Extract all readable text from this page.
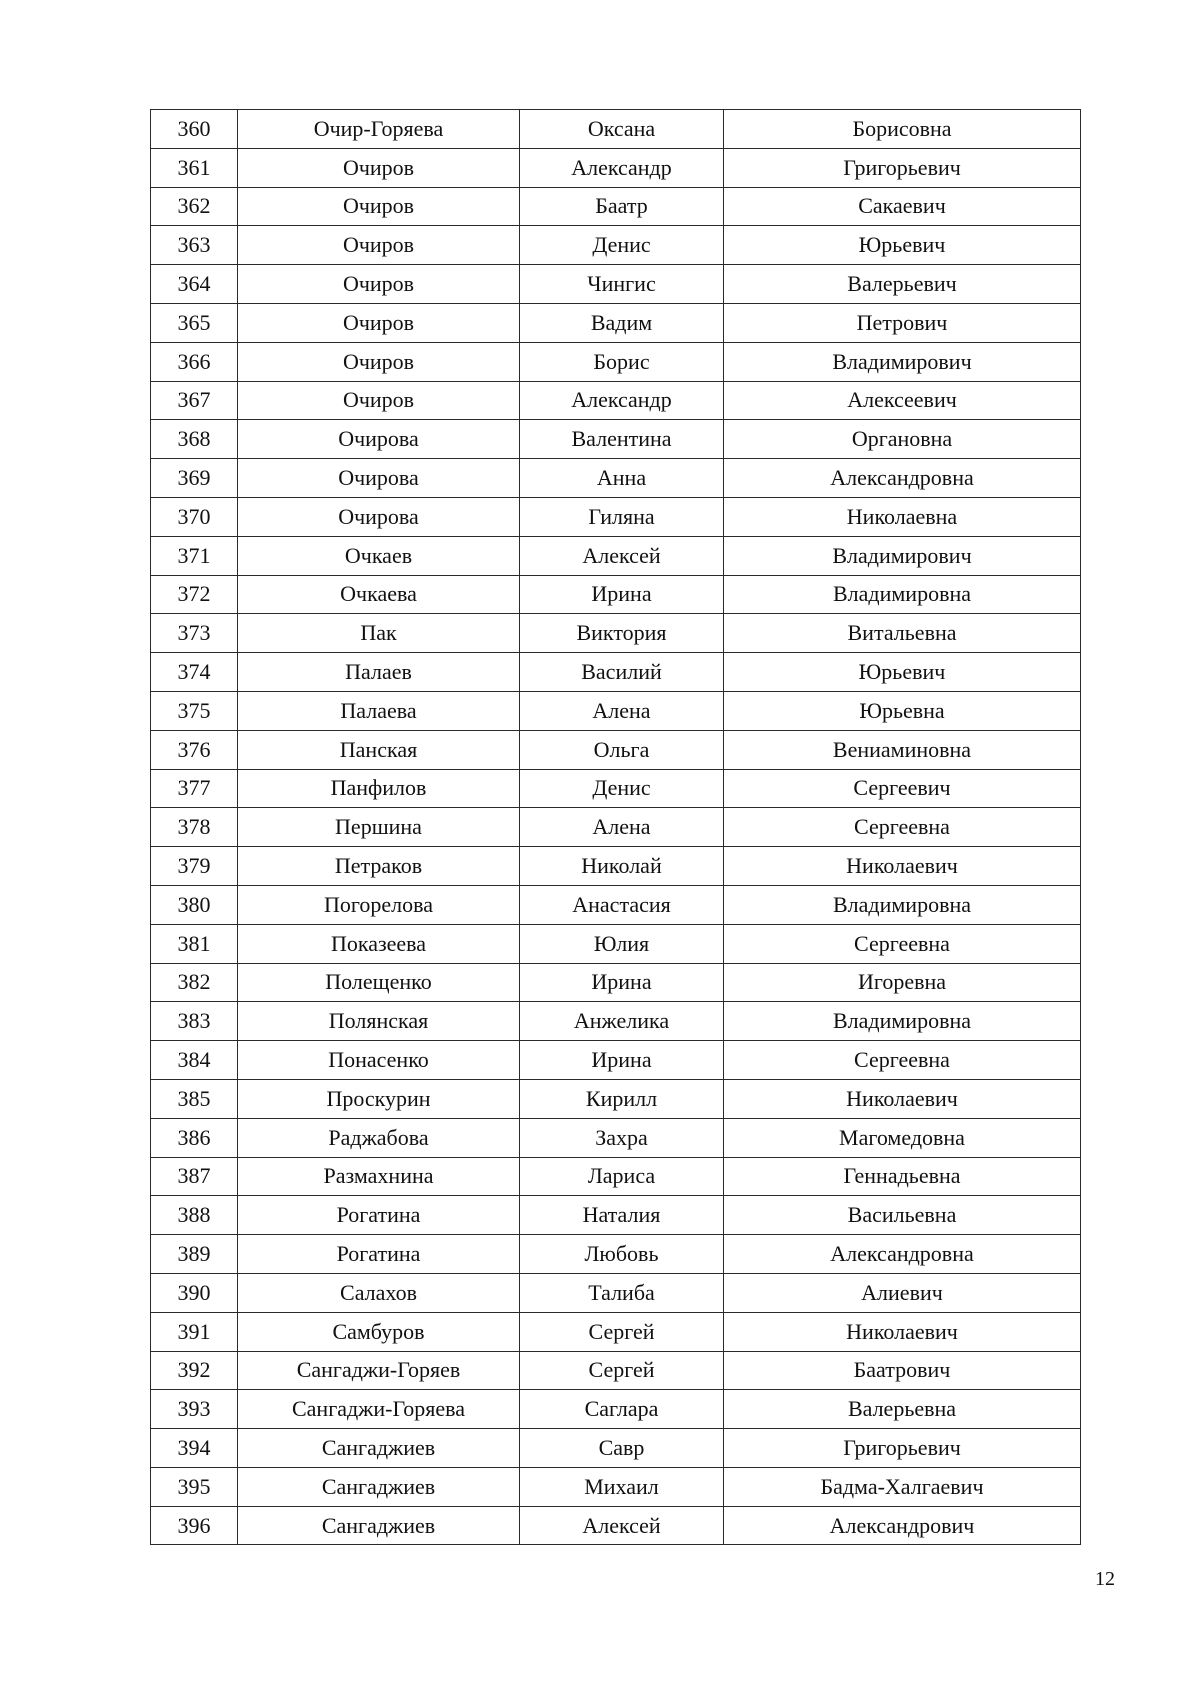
360	Очир-Горяева	Оксана	Борисовна
361	Очиров	Александр	Григорьевич
362	Очиров	Баатр	Сакаевич
363	Очиров	Денис	Юрьевич
364	Очиров	Чингис	Валерьевич
365	Очиров	Вадим	Петрович
366	Очиров	Борис	Владимирович
367	Очиров	Александр	Алексеевич
368	Очирова	Валентина	Органовна
369	Очирова	Анна	Александровна
370	Очирова	Гиляна	Николаевна
371	Очкаев	Алексей	Владимирович
372	Очкаева	Ирина	Владимировна
373	Пак	Виктория	Витальевна
374	Палаев	Василий	Юрьевич
375	Палаева	Алена	Юрьевна
376	Панская	Ольга	Вениаминовна
377	Панфилов	Денис	Сергеевич
378	Першина	Алена	Сергеевна
379	Петраков	Николай	Николаевич
380	Погорелова	Анастасия	Владимировна
381	Показеева	Юлия	Сергеевна
382	Полещенко	Ирина	Игоревна
383	Полянская	Анжелика	Владимировна
384	Понасенко	Ирина	Сергеевна
385	Проскурин	Кирилл	Николаевич
386	Раджабова	Захра	Магомедовна
387	Размахнина	Лариса	Геннадьевна
388	Рогатина	Наталия	Васильевна
389	Рогатина	Любовь	Александровна
390	Салахов	Талиба	Алиевич
391	Самбуров	Сергей	Николаевич
392	Сангаджи-Горяев	Сергей	Баатрович
393	Сангаджи-Горяева	Саглара	Валерьевна
394	Сангаджиев	Савр	Григорьевич
395	Сангаджиев	Михаил	Бадма-Халгаевич
396	Сангаджиев	Алексей	Александрович
12
